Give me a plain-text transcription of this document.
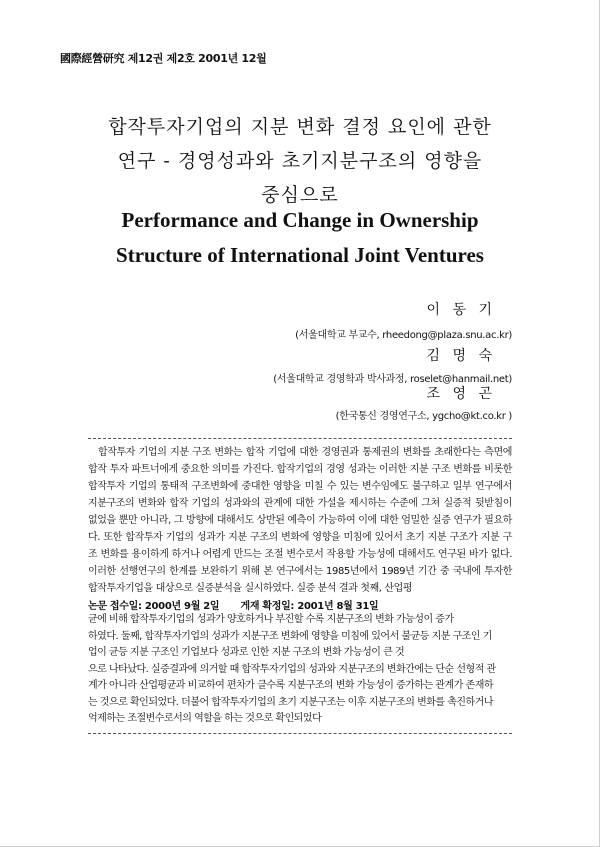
國際經營研究 제12권 제2호 2001년 12월
합작투자기업의 지분 변화 결정 요인에 관한
연구 - 경영성과와 초기지분구조의 영향을
중심으로
Performance and Change in Ownership
Structure of International Joint Ventures
이 동 기
(서울대학교 부교수, rheedong@plaza.snu.ac.kr)
김 명 숙
(서울대학교 경영학과 박사과정, roselet@hanmail.net)
조 영 곤
(한국통신 경영연구소, ygcho@kt.co.kr )
합작투자 기업의 지분 구조 변화는 합작 기업에 대한 경영권과 통제권의 변화를 초래한다는 측면에 합작 투자 파트너에게 중요한 의미를 가진다. 합작기업의 경영 성과는 이러한 지분 구조 변화를 비롯한 합작투자 기업의 통태적 구조변화에 중대한 영향을 미칠 수 있는 변수임에도 불구하고 일부 연구에서 지분구조의 변화와 합작 기업의 성과와의 관계에 대한 가설을 제시하는 수준에 그쳐 실증적 뒷받침이 없었을 뿐만 아니라, 그 방향에 대해서도 상반된 예측이 가능하여 이에 대한 엄밀한 실증 연구가 필요하다. 또한 합작투자 기업의 성과가 지분 구조의 변화에 영향을 미침에 있어서 초기 지분 구조가 지분 구조 변화를 용이하게 하거나 어렵게 만드는 조절 변수로서 작용할 가능성에 대해서도 연구된 바가 없다. 이러한 선행연구의 한계를 보완하기 위해 본 연구에서는 1985년에서 1989년 기간 중 국내에 투자한 합작투자기업을 대상으로 실증분석을 실시하였다. 실증 분석 결과 첫째, 산업평
논문 접수일: 2000년 9월 2일 게재 확정일: 2001년 8월 31일
균에 비해 합작투자기업의 성과가 양호하거나 부진할 수록 지분구조의 변화 가능성이 증가
하였다. 둘째, 합작투자기업의 성과가 지분구조 변화에 영향을 미침에 있어서 불균등 지분 구조인 기
업이 균등 지분 구조인 기업보다 성과로 인한 지분 구조의 변화 가능성이 큰 것
으로 나타났다. 실증결과에 의거할 때 합작투자기업의 성과와 지분구조의 변화간에는 단순 선형적 관
계가 아니라 산업평균과 비교하여 편차가 클수록 지분구조의 변화 가능성이 증가하는 관계가 존재하
는 것으로 확인되었다. 더불어 합작투자기업의 초기 지분구조는 이후 지분구조의 변화를 촉진하거나
억제하는 조절변수로서의 역할을 하는 것으로 확인되었다
